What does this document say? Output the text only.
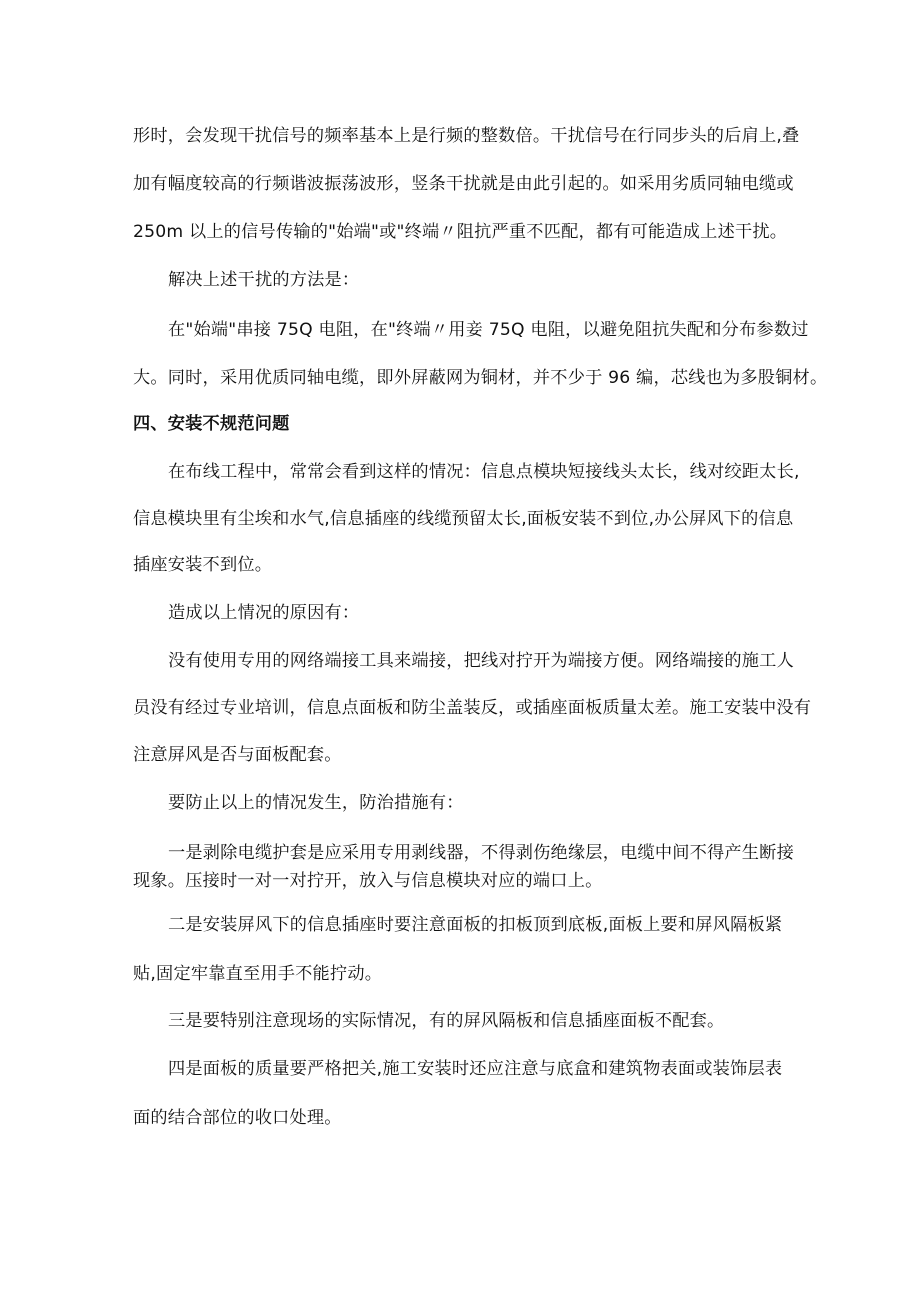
形时，会发现干扰信号的频率基本上是行频的整数倍。干扰信号在行同步头的后肩上,叠
加有幅度较高的行频谐波振荡波形，竖条干扰就是由此引起的。如采用劣质同轴电缆或
250m 以上的信号传输的"始端"或"终端〃阻抗严重不匹配，都有可能造成上述干扰。
解决上述干扰的方法是：
在"始端"串接 75Q 电阻，在"终端〃用妾 75Q 电阻，以避免阻抗失配和分布参数过
大。同时，采用优质同轴电缆，即外屏蔽网为铜材，并不少于 96 编，芯线也为多股铜材。
四、安装不规范问题
在布线工程中，常常会看到这样的情况：信息点模块短接线头太长，线对绞距太长,
信息模块里有尘埃和水气,信息插座的线缆预留太长,面板安装不到位,办公屏风下的信息
插座安装不到位。
造成以上情况的原因有：
没有使用专用的网络端接工具来端接，把线对拧开为端接方便。网络端接的施工人
员没有经过专业培训，信息点面板和防尘盖装反，或插座面板质量太差。施工安装中没有
注意屏风是否与面板配套。
要防止以上的情况发生，防治措施有：
一是剥除电缆护套是应采用专用剥线器，不得剥伤绝缘层，电缆中间不得产生断接
现象。压接时一对一对拧开，放入与信息模块对应的端口上。
二是安装屏风下的信息插座时要注意面板的扣板顶到底板,面板上要和屏风隔板紧
贴,固定牢靠直至用手不能拧动。
三是要特别注意现场的实际情况，有的屏风隔板和信息插座面板不配套。
四是面板的质量要严格把关,施工安装时还应注意与底盒和建筑物表面或装饰层表
面的结合部位的收口处理。
